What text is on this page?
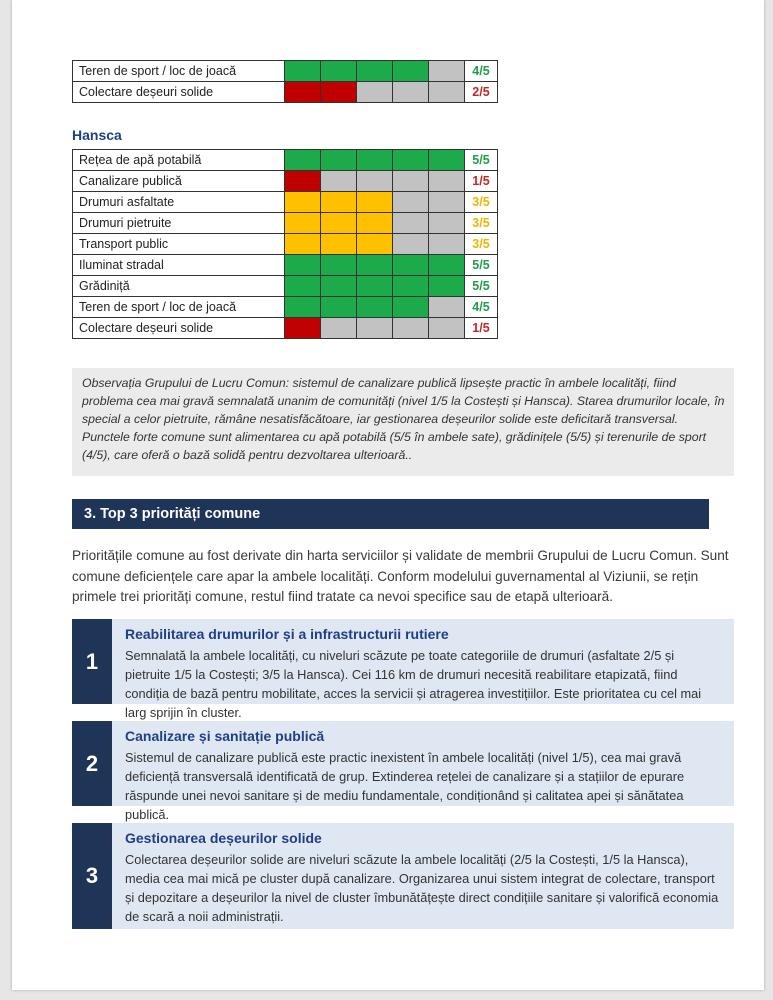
Teren de sport / loc de joacă						4/5
Colectare deșeuri solide						2/5
Hansca
Rețea de apă potabilă						5/5
Canalizare publică						1/5
Drumuri asfaltate						3/5
Drumuri pietruite						3/5
Transport public						3/5
Iluminat stradal						5/5
Grădiniță						5/5
Teren de sport / loc de joacă						4/5
Colectare deșeuri solide						1/5
Observația Grupului de Lucru Comun: sistemul de canalizare publică lipsește practic în ambele localități, fiind problema cea mai gravă semnalată unanim de comunități (nivel 1/5 la Costești și Hansca). Starea drumurilor locale, în special a celor pietruite, rămâne nesatisfăcătoare, iar gestionarea deșeurilor solide este deficitară transversal. Punctele forte comune sunt alimentarea cu apă potabilă (5/5 în ambele sate), grădinițele (5/5) și terenurile de sport (4/5), care oferă o bază solidă pentru dezvoltarea ulterioară..
3. Top 3 priorități comune
Prioritățile comune au fost derivate din harta serviciilor și validate de membrii Grupului de Lucru Comun. Sunt comune deficiențele care apar la ambele localități. Conform modelului guvernamental al Viziunii, se rețin primele trei priorități comune, restul fiind tratate ca nevoi specifice sau de etapă ulterioară.
1
Reabilitarea drumurilor și a infrastructurii rutiere
Semnalată la ambele localități, cu niveluri scăzute pe toate categoriile de drumuri (asfaltate 2/5 și pietruite 1/5 la Costești; 3/5 la Hansca). Cei 116 km de drumuri necesită reabilitare etapizată, fiind condiția de bază pentru mobilitate, acces la servicii și atragerea investițiilor. Este prioritatea cu cel mai larg sprijin în cluster.
2
Canalizare și sanitație publică
Sistemul de canalizare publică este practic inexistent în ambele localități (nivel 1/5), cea mai gravă deficiență transversală identificată de grup. Extinderea rețelei de canalizare și a stațiilor de epurare răspunde unei nevoi sanitare și de mediu fundamentale, condiționând și calitatea apei și sănătatea publică.
3
Gestionarea deșeurilor solide
Colectarea deșeurilor solide are niveluri scăzute la ambele localități (2/5 la Costești, 1/5 la Hansca), media cea mai mică pe cluster după canalizare. Organizarea unui sistem integrat de colectare, transport și depozitare a deșeurilor la nivel de cluster îmbunătățește direct condițiile sanitare și valorifică economia de scară a noii administrații.
